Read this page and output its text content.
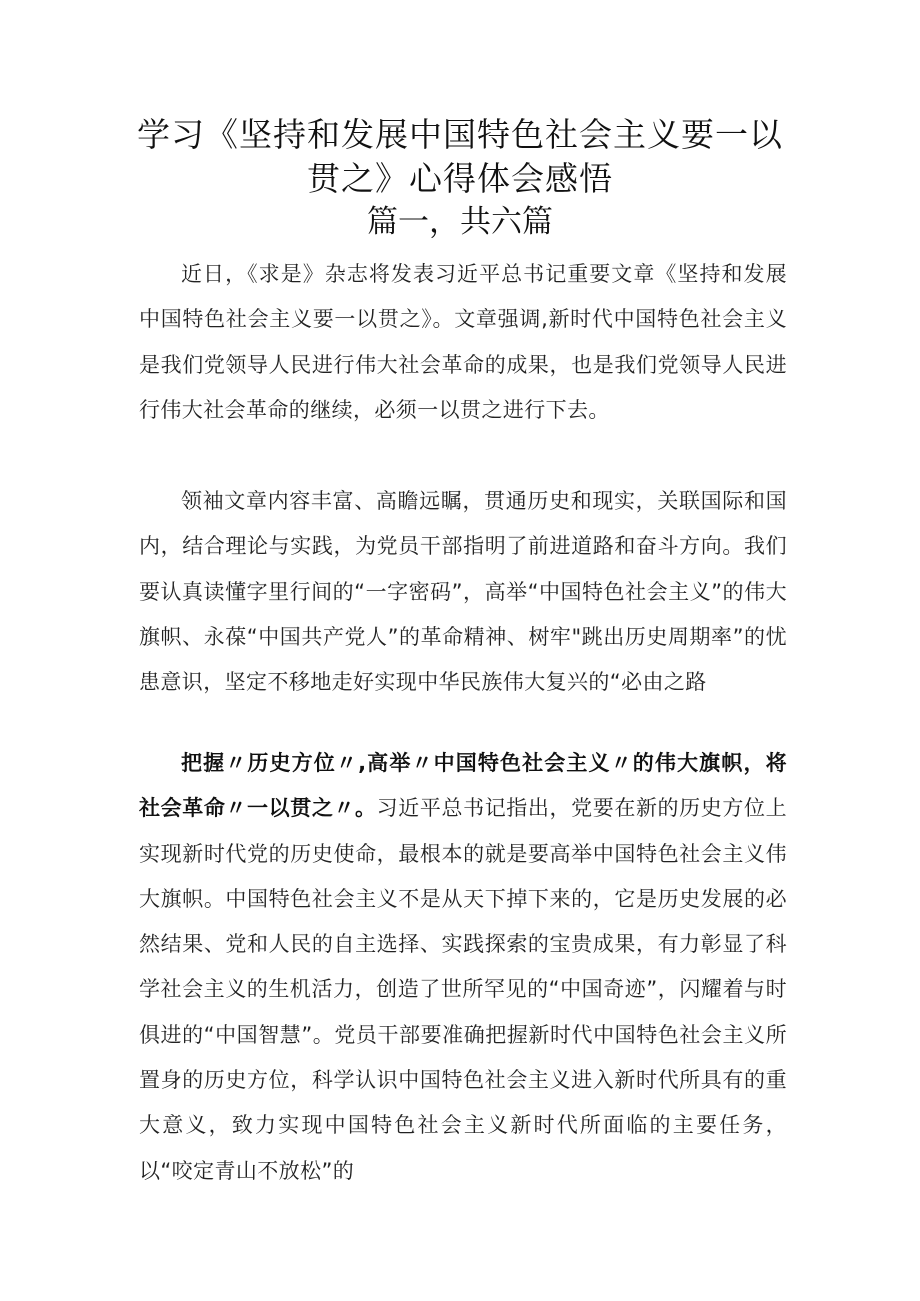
学习《坚持和发展中国特色社会主义要一以
贯之》心得体会感悟
篇一，共六篇

近日，《求是》杂志将发表习近平总书记重要文章《坚持和发展中国特色社会主义要一以贯之》。文章强调,新时代中国特色社会主义是我们党领导人民进行伟大社会革命的成果，也是我们党领导人民进行伟大社会革命的继续，必须一以贯之进行下去。

领袖文章内容丰富、高瞻远瞩，贯通历史和现实，关联国际和国内，结合理论与实践，为党员干部指明了前进道路和奋斗方向。我们要认真读懂字里行间的“一字密码”，高举“中国特色社会主义”的伟大旗帜、永葆“中国共产党人”的革命精神、树牢"跳出历史周期率”的忧患意识，坚定不移地走好实现中华民族伟大复兴的“必由之路

把握〃历史方位〃,高举〃中国特色社会主义〃的伟大旗帜，将社会革命〃一以贯之〃。习近平总书记指出，党要在新的历史方位上实现新时代党的历史使命，最根本的就是要高举中国特色社会主义伟大旗帜。中国特色社会主义不是从天下掉下来的，它是历史发展的必然结果、党和人民的自主选择、实践探索的宝贵成果，有力彰显了科学社会主义的生机活力，创造了世所罕见的“中国奇迹”，闪耀着与时俱进的“中国智慧”。党员干部要准确把握新时代中国特色社会主义所置身的历史方位，科学认识中国特色社会主义进入新时代所具有的重大意义，致力实现中国特色社会主义新时代所面临的主要任务，以“咬定青山不放松”的
